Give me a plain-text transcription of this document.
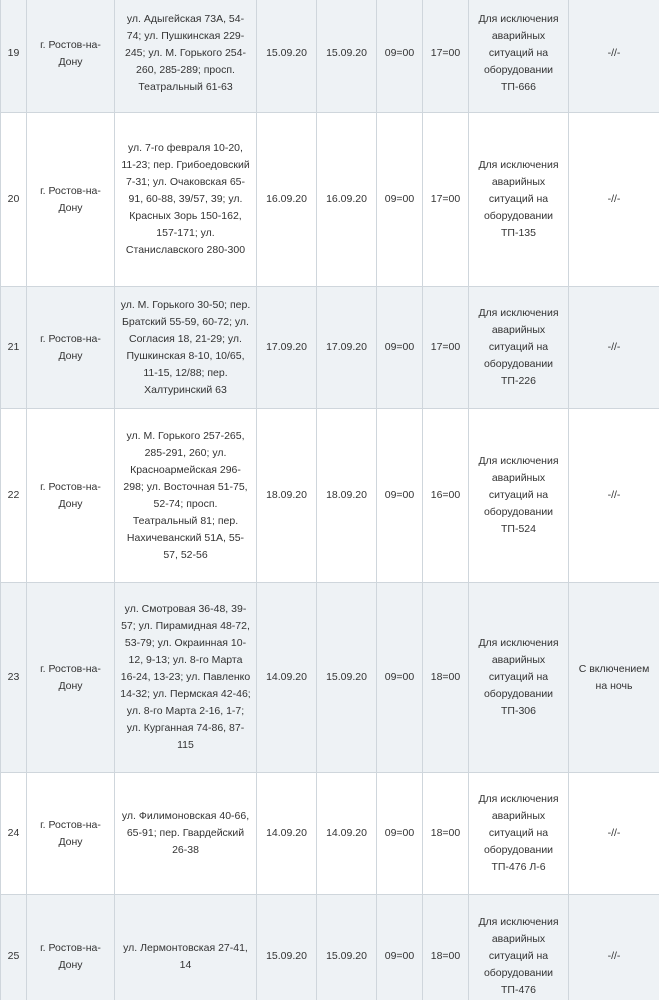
19	г. Ростов-на-Дону	ул. Адыгейская 73А, 54-74; ул. Пушкинская 229-245; ул. М. Горького 254-260, 285-289; просп. Театральный 61-63	15.09.20	15.09.20	09=00	17=00	Для исключения аварийных ситуаций на оборудовании ТП-666	-//-

20	г. Ростов-на-Дону	ул. 7-го февраля 10-20, 11-23; пер. Грибоедовский 7-31; ул. Очаковская 65-91, 60-88, 39/57, 39; ул. Красных Зорь 150-162, 157-171; ул. Станиславского 280-300	16.09.20	16.09.20	09=00	17=00	Для исключения аварийных ситуаций на оборудовании ТП-135	-//-

21	г. Ростов-на-Дону	ул. М. Горького 30-50; пер. Братский 55-59, 60-72; ул. Согласия 18, 21-29; ул. Пушкинская 8-10, 10/65, 11-15, 12/88; пер. Халтуринский 63	17.09.20	17.09.20	09=00	17=00	Для исключения аварийных ситуаций на оборудовании ТП-226	-//-

22	г. Ростов-на-Дону	ул. М. Горького 257-265, 285-291, 260; ул. Красноармейская 296-298; ул. Восточная 51-75, 52-74; просп. Театральный 81; пер. Нахичеванский 51А, 55-57, 52-56	18.09.20	18.09.20	09=00	16=00	Для исключения аварийных ситуаций на оборудовании ТП-524	-//-

23	г. Ростов-на-Дону	ул. Смотровая 36-48, 39-57; ул. Пирамидная 48-72, 53-79; ул. Окраинная 10-12, 9-13; ул. 8-го Марта 16-24, 13-23; ул. Павленко 14-32; ул. Пермская 42-46; ул. 8-го Марта 2-16, 1-7; ул. Курганная 74-86, 87-115	14.09.20	15.09.20	09=00	18=00	Для исключения аварийных ситуаций на оборудовании ТП-306	С включением на ночь

24	г. Ростов-на-Дону	ул. Филимоновская 40-66, 65-91; пер. Гвардейский 26-38	14.09.20	14.09.20	09=00	18=00	Для исключения аварийных ситуаций на оборудовании ТП-476 Л-6	-//-

25	г. Ростов-на-Дону	ул. Лермонтовская 27-41, 14	15.09.20	15.09.20	09=00	18=00	Для исключения аварийных ситуаций на оборудовании ТП-476	-//-
